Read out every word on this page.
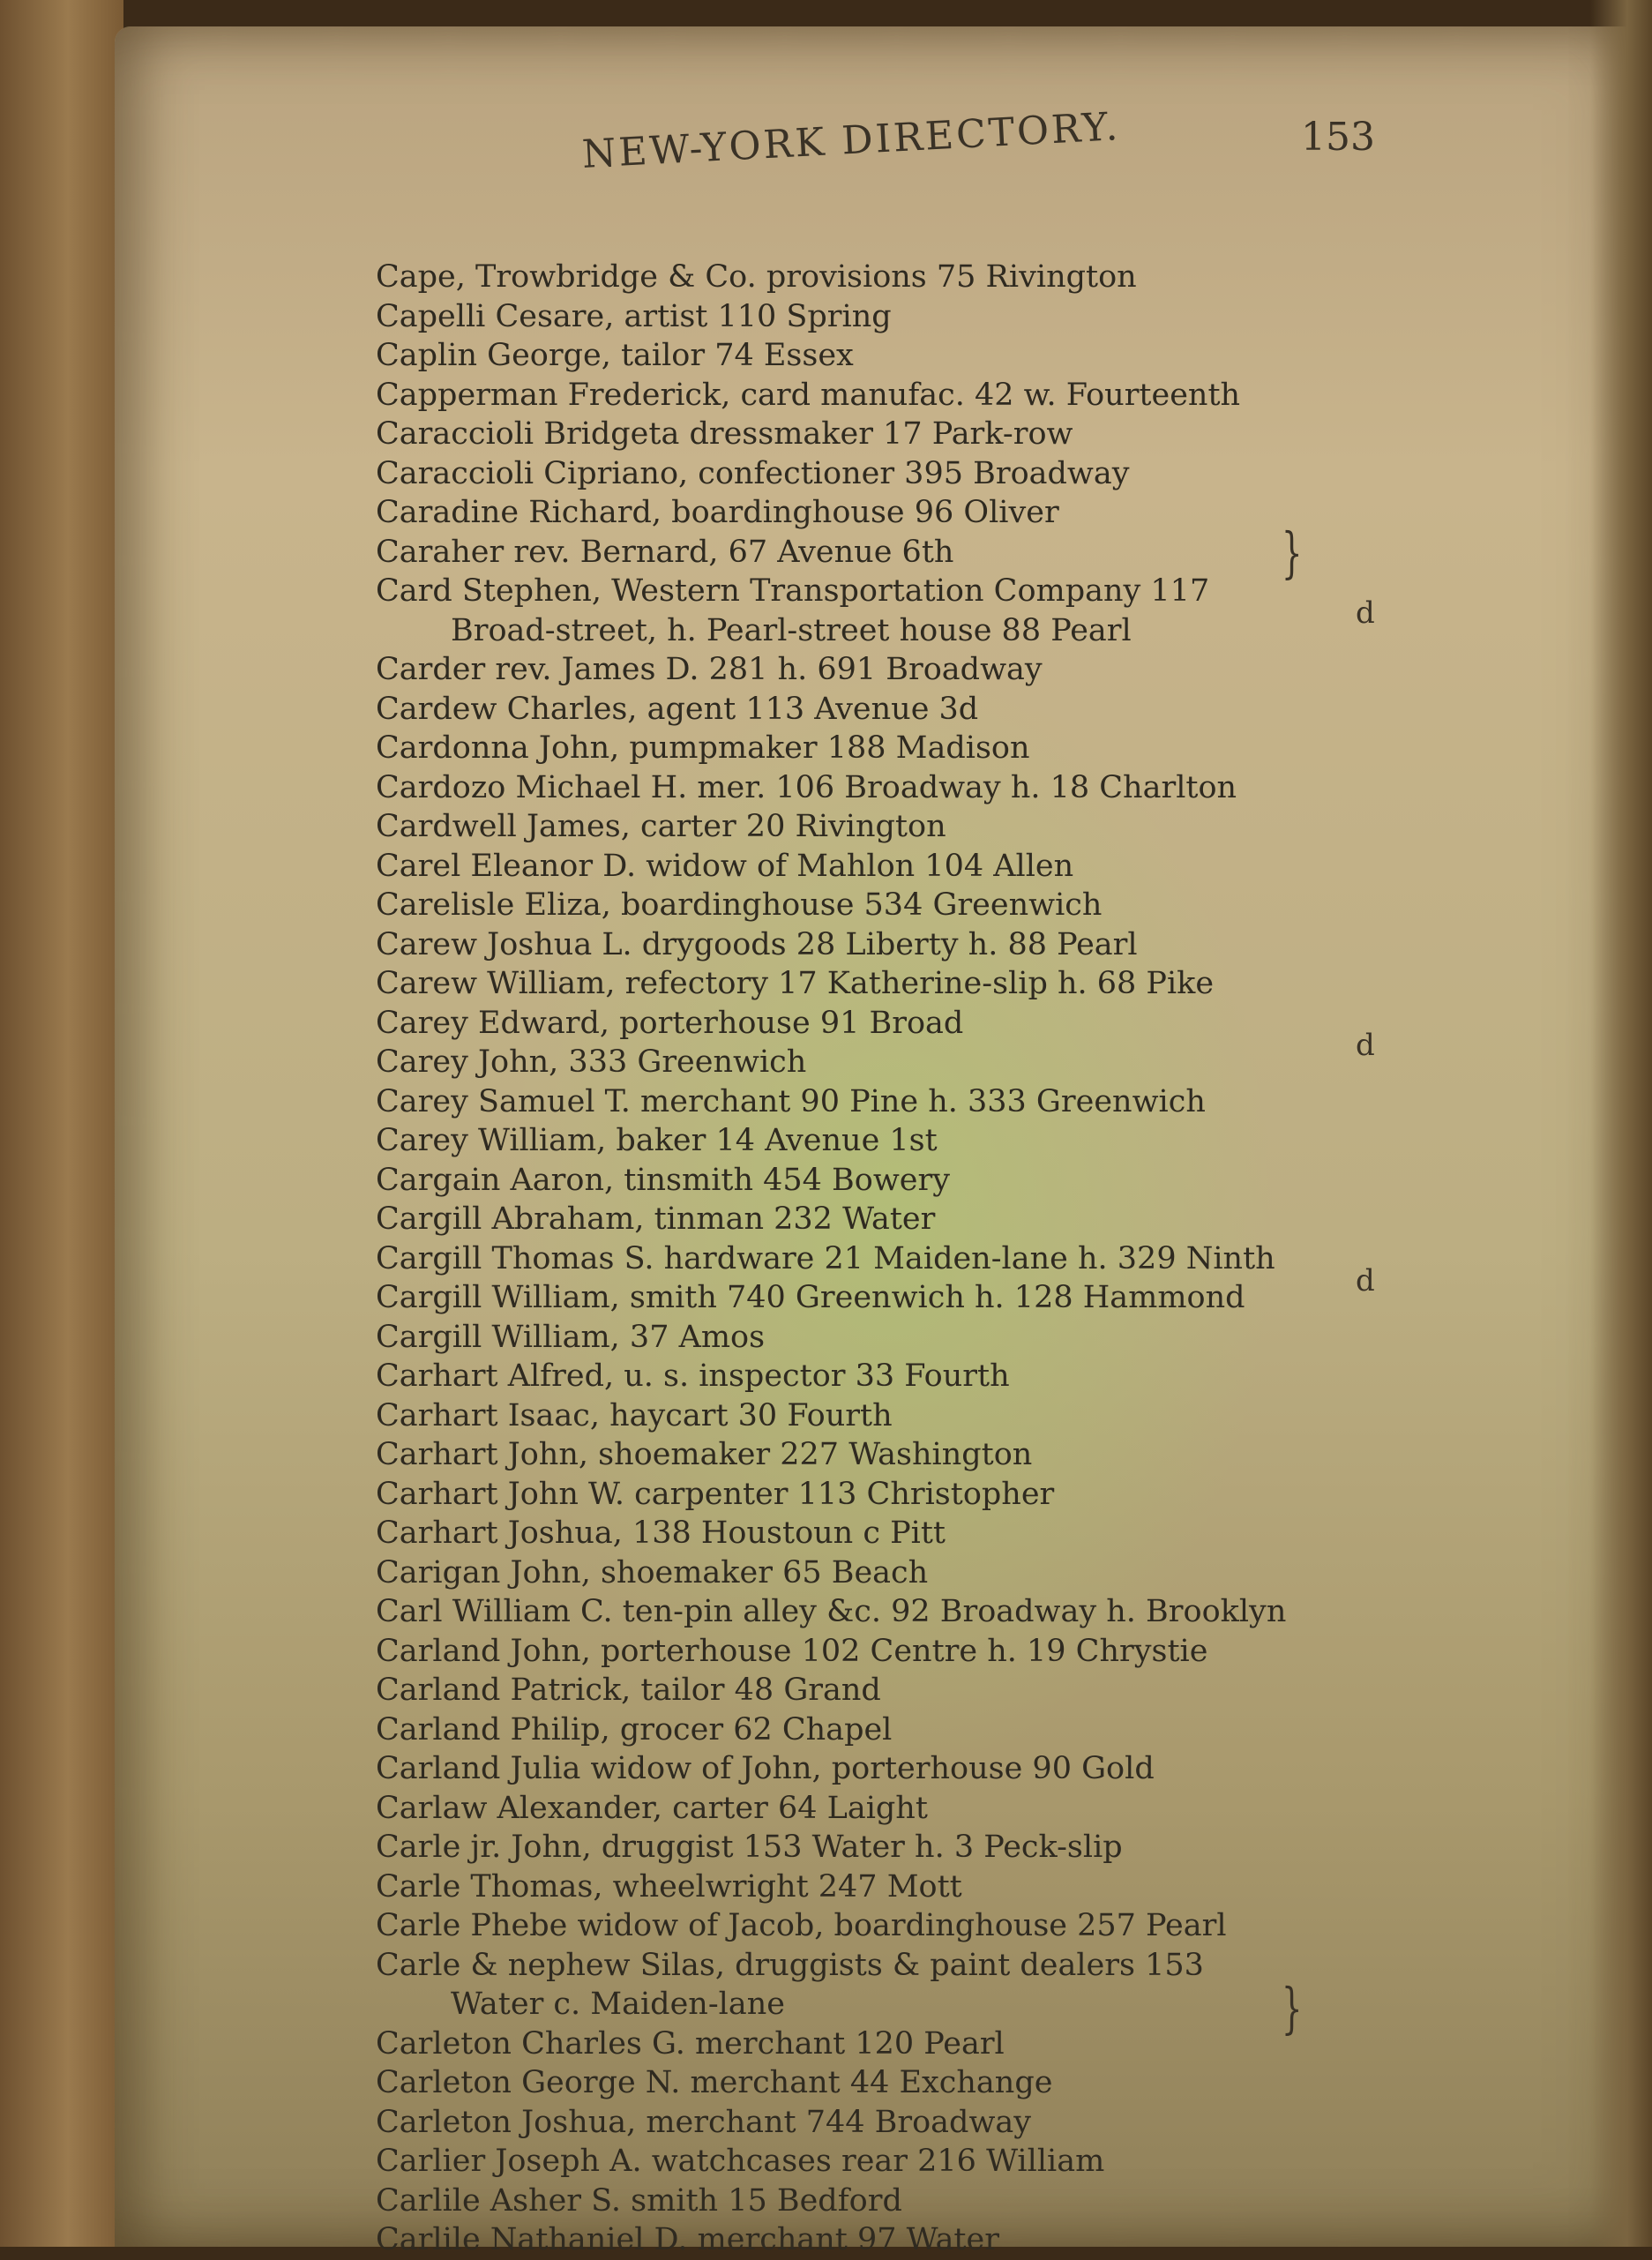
NEW-YORK DIRECTORY.	153
Cape, Trowbridge & Co. provisions 75 Rivington
Capelli Cesare, artist 110 Spring
Caplin George, tailor 74 Essex
Capperman Frederick, card manufac. 42 w. Fourteenth
Caraccioli Bridgeta dressmaker 17 Park-row
Caraccioli Cipriano, confectioner 395 Broadway
Caradine Richard, boardinghouse 96 Oliver
Caraher rev. Bernard, 67 Avenue 6th
Card Stephen, Western Transportation Company 117
Broad-street, h. Pearl-street house 88 Pearl
Carder rev. James D. 281 h. 691 Broadway
Cardew Charles, agent 113 Avenue 3d
Cardonna John, pumpmaker 188 Madison
Cardozo Michael H. mer. 106 Broadway h. 18 Charlton
Cardwell James, carter 20 Rivington
Carel Eleanor D. widow of Mahlon 104 Allen
Carelisle Eliza, boardinghouse 534 Greenwich
Carew Joshua L. drygoods 28 Liberty h. 88 Pearl
Carew William, refectory 17 Katherine-slip h. 68 Pike
Carey Edward, porterhouse 91 Broad
Carey John, 333 Greenwich
Carey Samuel T. merchant 90 Pine h. 333 Greenwich
Carey William, baker 14 Avenue 1st
Cargain Aaron, tinsmith 454 Bowery
Cargill Abraham, tinman 232 Water
Cargill Thomas S. hardware 21 Maiden-lane h. 329 Ninth
Cargill William, smith 740 Greenwich h. 128 Hammond
Cargill William, 37 Amos
Carhart Alfred, u. s. inspector 33 Fourth
Carhart Isaac, haycart 30 Fourth
Carhart John, shoemaker 227 Washington
Carhart John W. carpenter 113 Christopher
Carhart Joshua, 138 Houstoun c Pitt
Carigan John, shoemaker 65 Beach
Carl William C. ten-pin alley &c. 92 Broadway h. Brooklyn
Carland John, porterhouse 102 Centre h. 19 Chrystie
Carland Patrick, tailor 48 Grand
Carland Philip, grocer 62 Chapel
Carland Julia widow of John, porterhouse 90 Gold
Carlaw Alexander, carter 64 Laight
Carle jr. John, druggist 153 Water h. 3 Peck-slip
Carle Thomas, wheelwright 247 Mott
Carle Phebe widow of Jacob, boardinghouse 257 Pearl
Carle & nephew Silas, druggists & paint dealers 153
Water c. Maiden-lane
Carleton Charles G. merchant 120 Pearl
Carleton George N. merchant 44 Exchange
Carleton Joshua, merchant 744 Broadway
Carlier Joseph A. watchcases rear 216 William
Carlile Asher S. smith 15 Bedford
Carlile Nathaniel D. merchant 97 Water
}
}
d
d
d
